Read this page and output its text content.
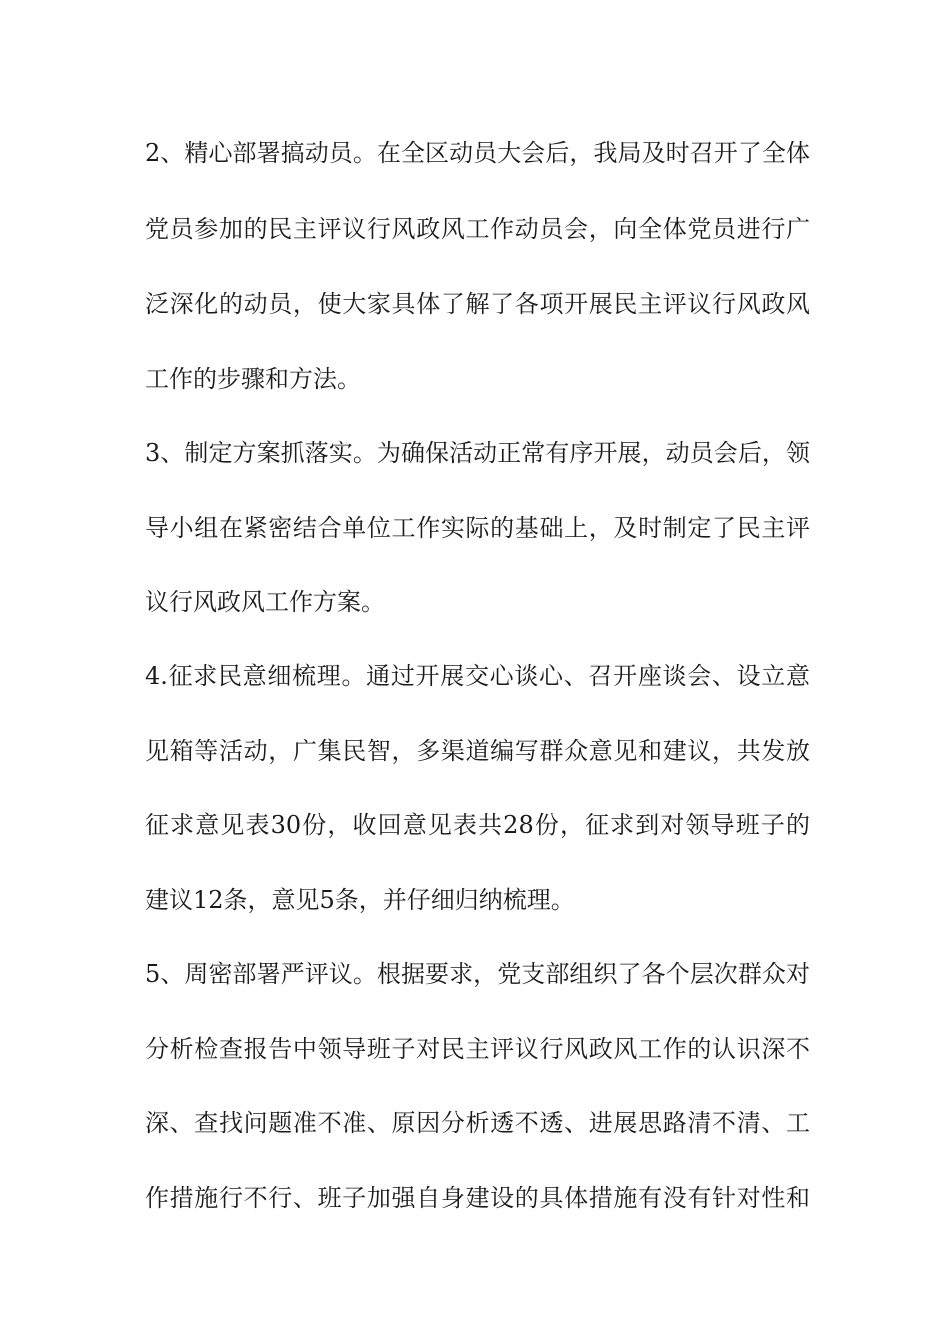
2、精心部署搞动员。在全区动员大会后，我局及时召开了全体
党员参加的民主评议行风政风工作动员会，向全体党员进行广
泛深化的动员，使大家具体了解了各项开展民主评议行风政风
工作的步骤和方法。
3、制定方案抓落实。为确保活动正常有序开展，动员会后，领
导小组在紧密结合单位工作实际的基础上，及时制定了民主评
议行风政风工作方案。
4.征求民意细梳理。通过开展交心谈心、召开座谈会、设立意
见箱等活动，广集民智，多渠道编写群众意见和建议，共发放
征求意见表30份，收回意见表共28份，征求到对领导班子的
建议12条，意见5条，并仔细归纳梳理。
5、周密部署严评议。根据要求，党支部组织了各个层次群众对
分析检查报告中领导班子对民主评议行风政风工作的认识深不
深、查找问题准不准、原因分析透不透、进展思路清不清、工
作措施行不行、班子加强自身建设的具体措施有没有针对性和
